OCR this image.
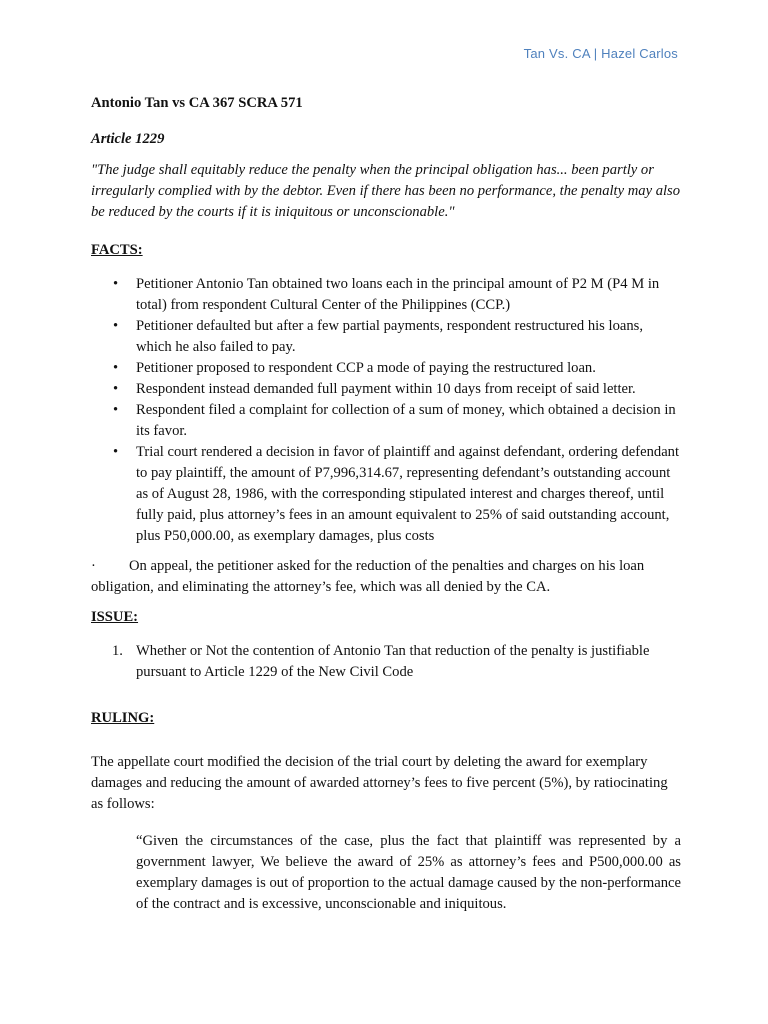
Tan Vs. CA | Hazel Carlos

Antonio Tan vs CA 367 SCRA 571

Article 1229

"The judge shall equitably reduce the penalty when the principal obligation has... been partly or irregularly complied with by the debtor. Even if there has been no performance, the penalty may also be reduced by the courts if it is iniquitous or unconscionable."

FACTS:

• Petitioner Antonio Tan obtained two loans each in the principal amount of P2 M (P4 M in total) from respondent Cultural Center of the Philippines (CCP.)
• Petitioner defaulted but after a few partial payments, respondent restructured his loans, which he also failed to pay.
• Petitioner proposed to respondent CCP a mode of paying the restructured loan.
• Respondent instead demanded full payment within 10 days from receipt of said letter.
• Respondent filed a complaint for collection of a sum of money, which obtained a decision in its favor.
• Trial court rendered a decision in favor of plaintiff and against defendant, ordering defendant to pay plaintiff, the amount of P7,996,314.67, representing defendant’s outstanding account as of August 28, 1986, with the corresponding stipulated interest and charges thereof, until fully paid, plus attorney’s fees in an amount equivalent to 25% of said outstanding account, plus P50,000.00, as exemplary damages, plus costs

· On appeal, the petitioner asked for the reduction of the penalties and charges on his loan obligation, and eliminating the attorney’s fee, which was all denied by the CA.

ISSUE:

1. Whether or Not the contention of Antonio Tan that reduction of the penalty is justifiable pursuant to Article 1229 of the New Civil Code

RULING:

The appellate court modified the decision of the trial court by deleting the award for exemplary damages and reducing the amount of awarded attorney’s fees to five percent (5%), by ratiocinating as follows:

“Given the circumstances of the case, plus the fact that plaintiff was represented by a government lawyer, We believe the award of 25% as attorney’s fees and P500,000.00 as exemplary damages is out of proportion to the actual damage caused by the non-performance of the contract and is excessive, unconscionable and iniquitous.
